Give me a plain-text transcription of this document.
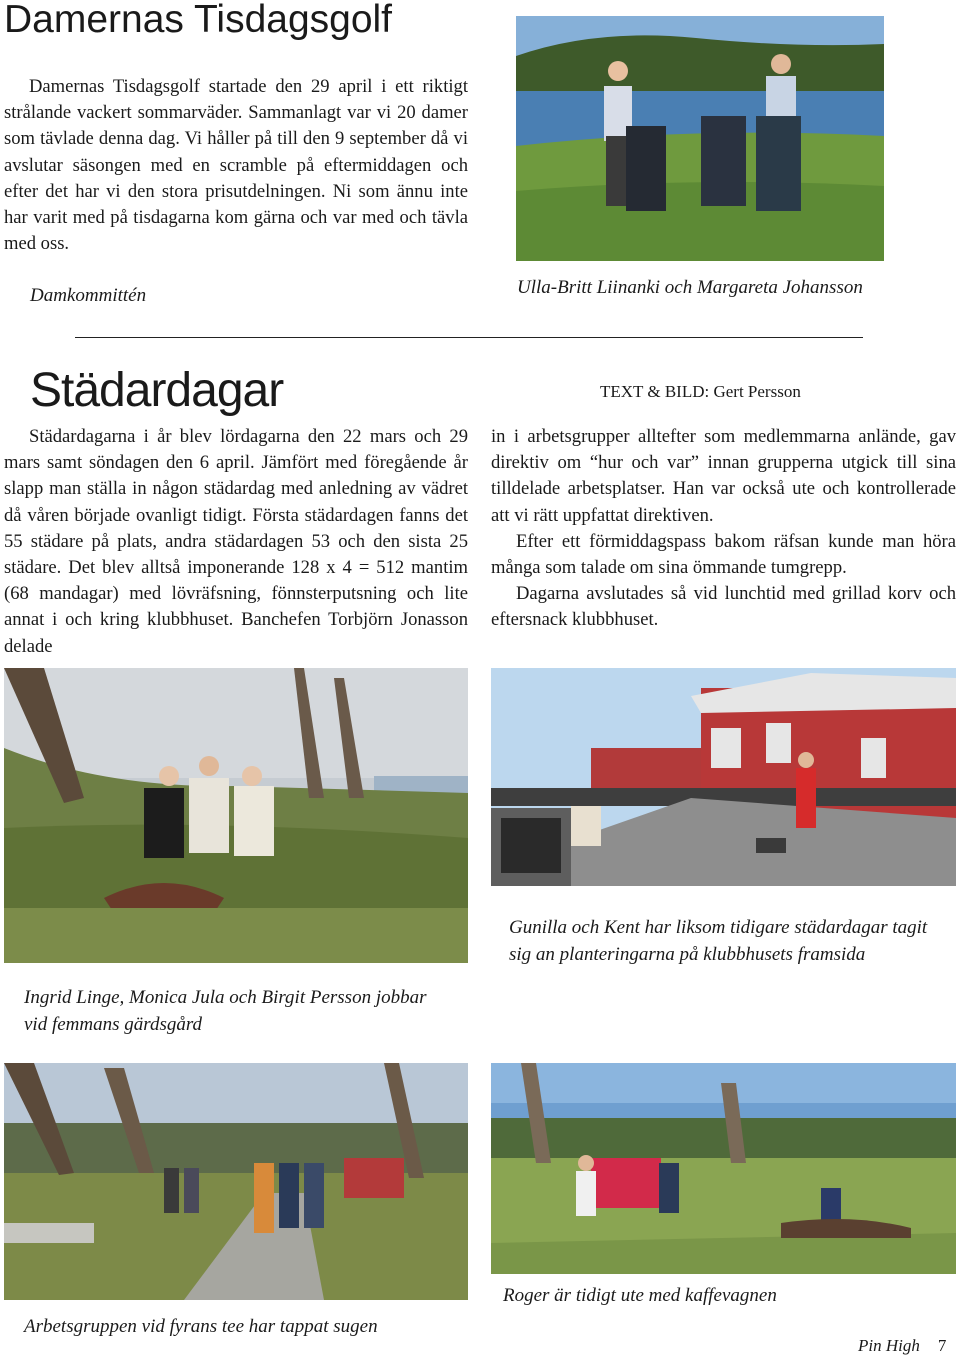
Damernas Tisdagsgolf

Damernas Tisdagsgolf startade den 29 april i ett riktigt strålande vackert sommarväder. Sammanlagt var vi 20 damer som tävlade denna dag. Vi håller på till den 9 september då vi avslutar säsongen med en scramble på eftermiddagen och efter det har vi den stora prisutdelningen. Ni som ännu inte har varit med på tisdagarna kom gärna och var med och tävla med oss.

Damkommittén	Ulla-Britt Liinanki och Margareta Johansson
Städardagar	TEXT & BILD: Gert Persson

Städardagarna i år blev lördagarna den 22 mars och 29 mars samt söndagen den 6 april. Jämfört med föregående år slapp man ställa in någon städardag med anledning av vädret då våren började ovanligt tidigt. Första städardagen fanns det 55 städare på plats, andra städardagen 53 och den sista 25 städare. Det blev alltså imponerande 128 x 4 = 512 mantim (68 mandagar) med lövräfsning, fönnsterputsning och lite annat i och kring klubbhuset. Banchefen Torbjörn Jonasson delade

in i arbetsgrupper alltefter som medlemmarna anlände, gav direktiv om “hur och var” innan grupperna utgick till sina tilldelade arbetsplatser. Han var också ute och kontrollerade att vi rätt uppfattat direktiven.

Efter ett förmiddagspass bakom räfsan kunde man höra många som talade om sina ömmande tumgrepp.

Dagarna avslutades så vid lunchtid med grillad korv och eftersnack klubbhuset.

Ingrid Linge, Monica Jula och Birgit Persson jobbar vid femmans gärdsgård
Gunilla och Kent har liksom tidigare städardagar tagit sig an planteringarna på klubbhusets framsida
Arbetsgruppen vid fyrans tee har tappat sugen
Roger är tidigt ute med kaffevagnen
Pin High 7
